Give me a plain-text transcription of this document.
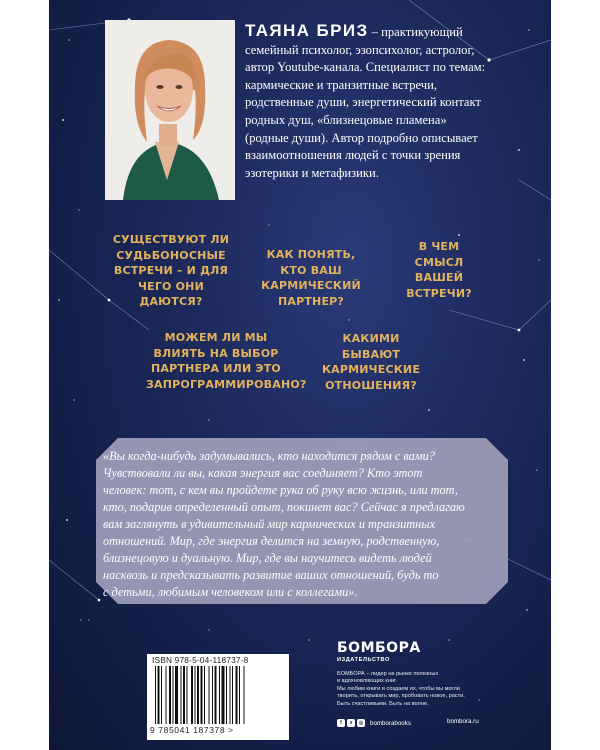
ТАЯНА БРИЗ – практикующий
семейный психолог, эзопсихолог, астролог,
автор Youtube-канала. Специалист по темам:
кармические и транзитные встречи,
родственные души, энергетический контакт
родных душ, «близнецовые пламена»
(родные души). Автор подробно описывает
взаимоотношения людей с точки зрения
эзотерики и метафизики.
СУЩЕСТВУЮТ ЛИ
СУДЬБОНОСНЫЕ
ВСТРЕЧИ – И ДЛЯ
ЧЕГО ОНИ ДАЮТСЯ?
КАК ПОНЯТЬ,
КТО ВАШ
КАРМИЧЕСКИЙ
ПАРТНЕР?
В ЧЕМ
СМЫСЛ ВАШЕЙ
ВСТРЕЧИ?
МОЖЕМ ЛИ МЫ
ВЛИЯТЬ НА ВЫБОР
ПАРТНЕРА ИЛИ ЭТО
ЗАПРОГРАММИРОВАНО?
КАКИМИ
БЫВАЮТ
КАРМИЧЕСКИЕ
ОТНОШЕНИЯ?
«Вы когда-нибудь задумывались, кто находится рядом с вами?
Чувствовали ли вы, какая энергия вас соединяет? Кто этот
человек: тот, с кем вы пройдете рука об руку всю жизнь, или тот,
кто, подарив определенный опыт, покинет вас? Сейчас я предлагаю
вам заглянуть в удивительный мир кармических и транзитных
отношений. Мир, где энергия делится на земную, родственную,
близнецовую и дуальную. Мир, где вы научитесь видеть людей
насквозь и предсказывать развитие ваших отношений, будь то
с детьми, любимым человеком или с коллегами».
ISBN 978-5-04-118737-8
9 785041 187378 >
БОМБОРА
ИЗДАТЕЛЬСТВО
БОМБОРА – лидер на рынке полезных
и вдохновляющих книг.
Мы любим книги и создаем их, чтобы вы могли
творить, открывать мир, пробовать новое, расти.
Быть счастливыми. Быть на волне.
f	v	◎ bomborabooks	bombora.ru
